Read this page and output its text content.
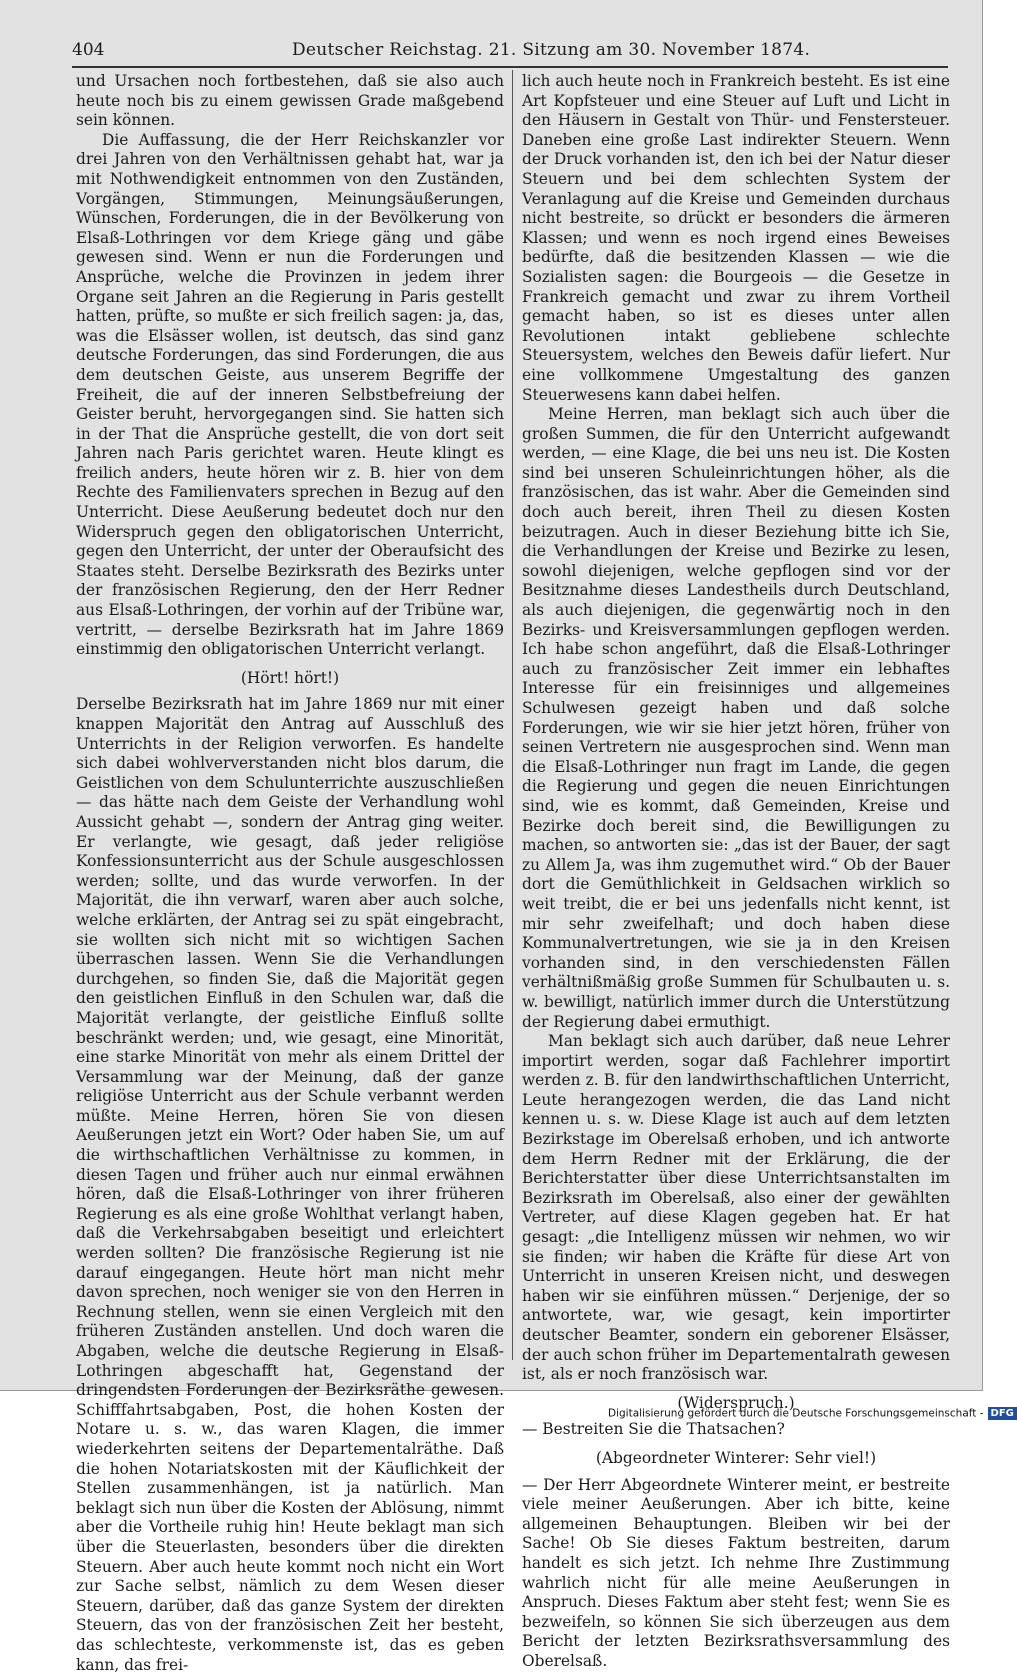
404	Deutscher Reichstag. 21. Sitzung am 30. November 1874.

und Ursachen noch fortbestehen, daß sie also auch heute noch bis zu einem gewissen Grade maßgebend sein können.

Die Auffassung, die der Herr Reichskanzler vor drei Jahren von den Verhältnissen gehabt hat, war ja mit Nothwendigkeit entnommen von den Zuständen, Vorgängen, Stimmungen, Meinungsäußerungen, Wünschen, Forderungen, die in der Bevölkerung von Elsaß-Lothringen vor dem Kriege gäng und gäbe gewesen sind. Wenn er nun die Forderungen und Ansprüche, welche die Provinzen in jedem ihrer Organe seit Jahren an die Regierung in Paris gestellt hatten, prüfte, so mußte er sich freilich sagen: ja, das, was die Elsässer wollen, ist deutsch, das sind ganz deutsche Forderungen, das sind Forderungen, die aus dem deutschen Geiste, aus unserem Begriffe der Freiheit, die auf der inneren Selbstbefreiung der Geister beruht, hervorgegangen sind. Sie hatten sich in der That die Ansprüche gestellt, die von dort seit Jahren nach Paris gerichtet waren. Heute klingt es freilich anders, heute hören wir z. B. hier von dem Rechte des Familienvaters sprechen in Bezug auf den Unterricht. Diese Aeußerung bedeutet doch nur den Widerspruch gegen den obligatorischen Unterricht, gegen den Unterricht, der unter der Oberaufsicht des Staates steht. Derselbe Bezirksrath des Bezirks unter der französischen Regierung, den der Herr Redner aus Elsaß-Lothringen, der vorhin auf der Tribüne war, vertritt, — derselbe Bezirksrath hat im Jahre 1869 einstimmig den obligatorischen Unterricht verlangt.

(Hört! hört!)

Derselbe Bezirksrath hat im Jahre 1869 nur mit einer knappen Majorität den Antrag auf Ausschluß des Unterrichts in der Religion verworfen. Es handelte sich dabei wohlververstanden nicht blos darum, die Geistlichen von dem Schulunterrichte auszuschließen — das hätte nach dem Geiste der Verhandlung wohl Aussicht gehabt —, sondern der Antrag ging weiter. Er verlangte, wie gesagt, daß jeder religiöse Konfessionsunterricht aus der Schule ausgeschlossen werden; sollte, und das wurde verworfen. In der Majorität, die ihn verwarf, waren aber auch solche, welche erklärten, der Antrag sei zu spät eingebracht, sie wollten sich nicht mit so wichtigen Sachen überraschen lassen. Wenn Sie die Verhandlungen durchgehen, so finden Sie, daß die Majorität gegen den geistlichen Einfluß in den Schulen war, daß die Majorität verlangte, der geistliche Einfluß sollte beschränkt werden; und, wie gesagt, eine Minorität, eine starke Minorität von mehr als einem Drittel der Versammlung war der Meinung, daß der ganze religiöse Unterricht aus der Schule verbannt werden müßte. Meine Herren, hören Sie von diesen Aeußerungen jetzt ein Wort? Oder haben Sie, um auf die wirthschaftlichen Verhältnisse zu kommen, in diesen Tagen und früher auch nur einmal erwähnen hören, daß die Elsaß-Lothringer von ihrer früheren Regierung es als eine große Wohlthat verlangt haben, daß die Verkehrsabgaben beseitigt und erleichtert werden sollten? Die französische Regierung ist nie darauf eingegangen. Heute hört man nicht mehr davon sprechen, noch weniger sie von den Herren in Rechnung stellen, wenn sie einen Vergleich mit den früheren Zuständen anstellen. Und doch waren die Abgaben, welche die deutsche Regierung in Elsaß-Lothringen abgeschafft hat, Gegenstand der dringendsten Forderungen der Bezirksräthe gewesen. Schifffahrtsabgaben, Post, die hohen Kosten der Notare u. s. w., das waren Klagen, die immer wiederkehrten seitens der Departementalräthe. Daß die hohen Notariatskosten mit der Käuflichkeit der Stellen zusammenhängen, ist ja natürlich. Man beklagt sich nun über die Kosten der Ablösung, nimmt aber die Vortheile ruhig hin! Heute beklagt man sich über die Steuerlasten, besonders über die direkten Steuern. Aber auch heute kommt noch nicht ein Wort zur Sache selbst, nämlich zu dem Wesen dieser Steuern, darüber, daß das ganze System der direkten Steuern, das von der französischen Zeit her besteht, das schlechteste, verkommenste ist, das es geben kann, das frei-

lich auch heute noch in Frankreich besteht. Es ist eine Art Kopfsteuer und eine Steuer auf Luft und Licht in den Häusern in Gestalt von Thür- und Fenstersteuer. Daneben eine große Last indirekter Steuern. Wenn der Druck vorhanden ist, den ich bei der Natur dieser Steuern und bei dem schlechten System der Veranlagung auf die Kreise und Gemeinden durchaus nicht bestreite, so drückt er besonders die ärmeren Klassen; und wenn es noch irgend eines Beweises bedürfte, daß die besitzenden Klassen — wie die Sozialisten sagen: die Bourgeois — die Gesetze in Frankreich gemacht und zwar zu ihrem Vortheil gemacht haben, so ist es dieses unter allen Revolutionen intakt gebliebene schlechte Steuersystem, welches den Beweis dafür liefert. Nur eine vollkommene Umgestaltung des ganzen Steuerwesens kann dabei helfen.

Meine Herren, man beklagt sich auch über die großen Summen, die für den Unterricht aufgewandt werden, — eine Klage, die bei uns neu ist. Die Kosten sind bei unseren Schuleinrichtungen höher, als die französischen, das ist wahr. Aber die Gemeinden sind doch auch bereit, ihren Theil zu diesen Kosten beizutragen. Auch in dieser Beziehung bitte ich Sie, die Verhandlungen der Kreise und Bezirke zu lesen, sowohl diejenigen, welche gepflogen sind vor der Besitznahme dieses Landestheils durch Deutschland, als auch diejenigen, die gegenwärtig noch in den Bezirks- und Kreisversammlungen gepflogen werden. Ich habe schon angeführt, daß die Elsaß-Lothringer auch zu französischer Zeit immer ein lebhaftes Interesse für ein freisinniges und allgemeines Schulwesen gezeigt haben und daß solche Forderungen, wie wir sie hier jetzt hören, früher von seinen Vertretern nie ausgesprochen sind. Wenn man die Elsaß-Lothringer nun fragt im Lande, die gegen die Regierung und gegen die neuen Einrichtungen sind, wie es kommt, daß Gemeinden, Kreise und Bezirke doch bereit sind, die Bewilligungen zu machen, so antworten sie: „das ist der Bauer, der sagt zu Allem Ja, was ihm zugemuthet wird.“ Ob der Bauer dort die Gemüthlichkeit in Geldsachen wirklich so weit treibt, die er bei uns jedenfalls nicht kennt, ist mir sehr zweifelhaft; und doch haben diese Kommunalvertretungen, wie sie ja in den Kreisen vorhanden sind, in den verschiedensten Fällen verhältnißmäßig große Summen für Schulbauten u. s. w. bewilligt, natürlich immer durch die Unterstützung der Regierung dabei ermuthigt.

Man beklagt sich auch darüber, daß neue Lehrer importirt werden, sogar daß Fachlehrer importirt werden z. B. für den landwirthschaftlichen Unterricht, Leute herangezogen werden, die das Land nicht kennen u. s. w. Diese Klage ist auch auf dem letzten Bezirkstage im Oberelsaß erhoben, und ich antworte dem Herrn Redner mit der Erklärung, die der Berichterstatter über diese Unterrichtsanstalten im Bezirksrath im Oberelsaß, also einer der gewählten Vertreter, auf diese Klagen gegeben hat. Er hat gesagt: „die Intelligenz müssen wir nehmen, wo wir sie finden; wir haben die Kräfte für diese Art von Unterricht in unseren Kreisen nicht, und deswegen haben wir sie einführen müssen.“ Derjenige, der so antwortete, war, wie gesagt, kein importirter deutscher Beamter, sondern ein geborener Elsässer, der auch schon früher im Departementalrath gewesen ist, als er noch französisch war.

(Widerspruch.)

— Bestreiten Sie die Thatsachen?

(Abgeordneter Winterer: Sehr viel!)

— Der Herr Abgeordnete Winterer meint, er bestreite viele meiner Aeußerungen. Aber ich bitte, keine allgemeinen Behauptungen. Bleiben wir bei der Sache! Ob Sie dieses Faktum bestreiten, darum handelt es sich jetzt. Ich nehme Ihre Zustimmung wahrlich nicht für alle meine Aeußerungen in Anspruch. Dieses Faktum aber steht fest; wenn Sie es bezweifeln, so können Sie sich überzeugen aus dem Bericht der letzten Bezirksrathsversammlung des Oberelsaß.

Digitalisierung gefördert durch die Deutsche Forschungsgemeinschaft - DFG
